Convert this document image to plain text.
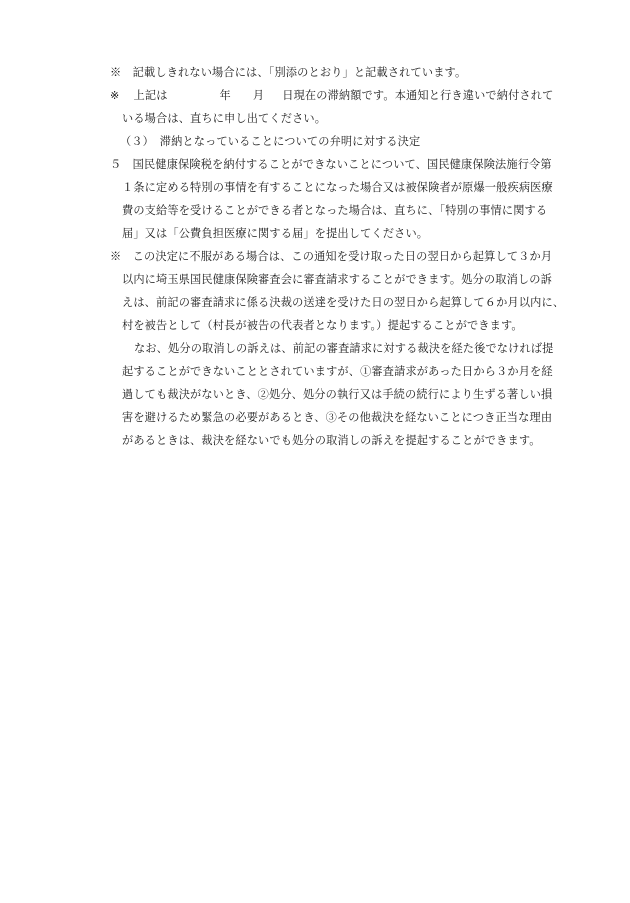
※　記載しきれない場合には、「別添のとおり」と記載されています。
※ 上記は	年 月 日現在の滞納額です。本通知と行き違いで納付されて
いる場合は、直ちに申し出てください。
（３）　滞納となっていることについての弁明に対する決定
５　国民健康保険税を納付することができないことについて、国民健康保険法施行令第
１条に定める特別の事情を有することになった場合又は被保険者が原爆一般疾病医療
費の支給等を受けることができる者となった場合は、直ちに、「特別の事情に関する
届」又は「公費負担医療に関する届」を提出してください。
※　この決定に不服がある場合は、この通知を受け取った日の翌日から起算して３か月
以内に埼玉県国民健康保険審査会に審査請求することができます。処分の取消しの訴
えは、前記の審査請求に係る決裁の送達を受けた日の翌日から起算して６か月以内に、
村を被告として（村長が被告の代表者となります。）提起することができます。
なお、処分の取消しの訴えは、前記の審査請求に対する裁決を経た後でなければ提
起することができないこととされていますが、①審査請求があった日から３か月を経
過しても裁決がないとき、②処分、処分の執行又は手続の続行により生ずる著しい損
害を避けるため緊急の必要があるとき、③その他裁決を経ないことにつき正当な理由
があるときは、裁決を経ないでも処分の取消しの訴えを提起することができます。
